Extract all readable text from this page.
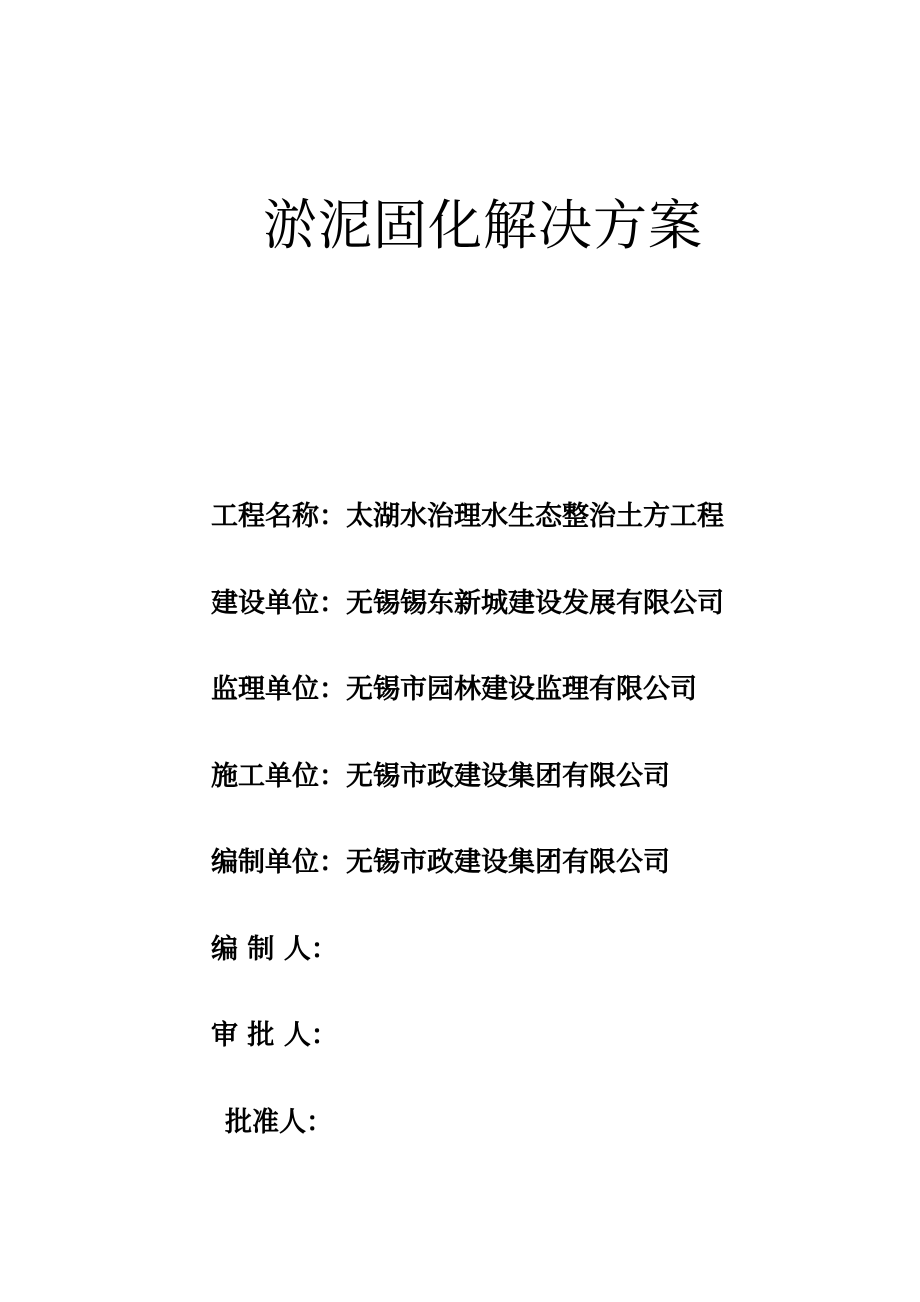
淤泥固化解决方案
工程名称：太湖水治理水生态整治土方工程
建设单位：无锡锡东新城建设发展有限公司
监理单位：无锡市园林建设监理有限公司
施工单位：无锡市政建设集团有限公司
编制单位：无锡市政建设集团有限公司
编 制 人：
审 批 人：
批准人：
